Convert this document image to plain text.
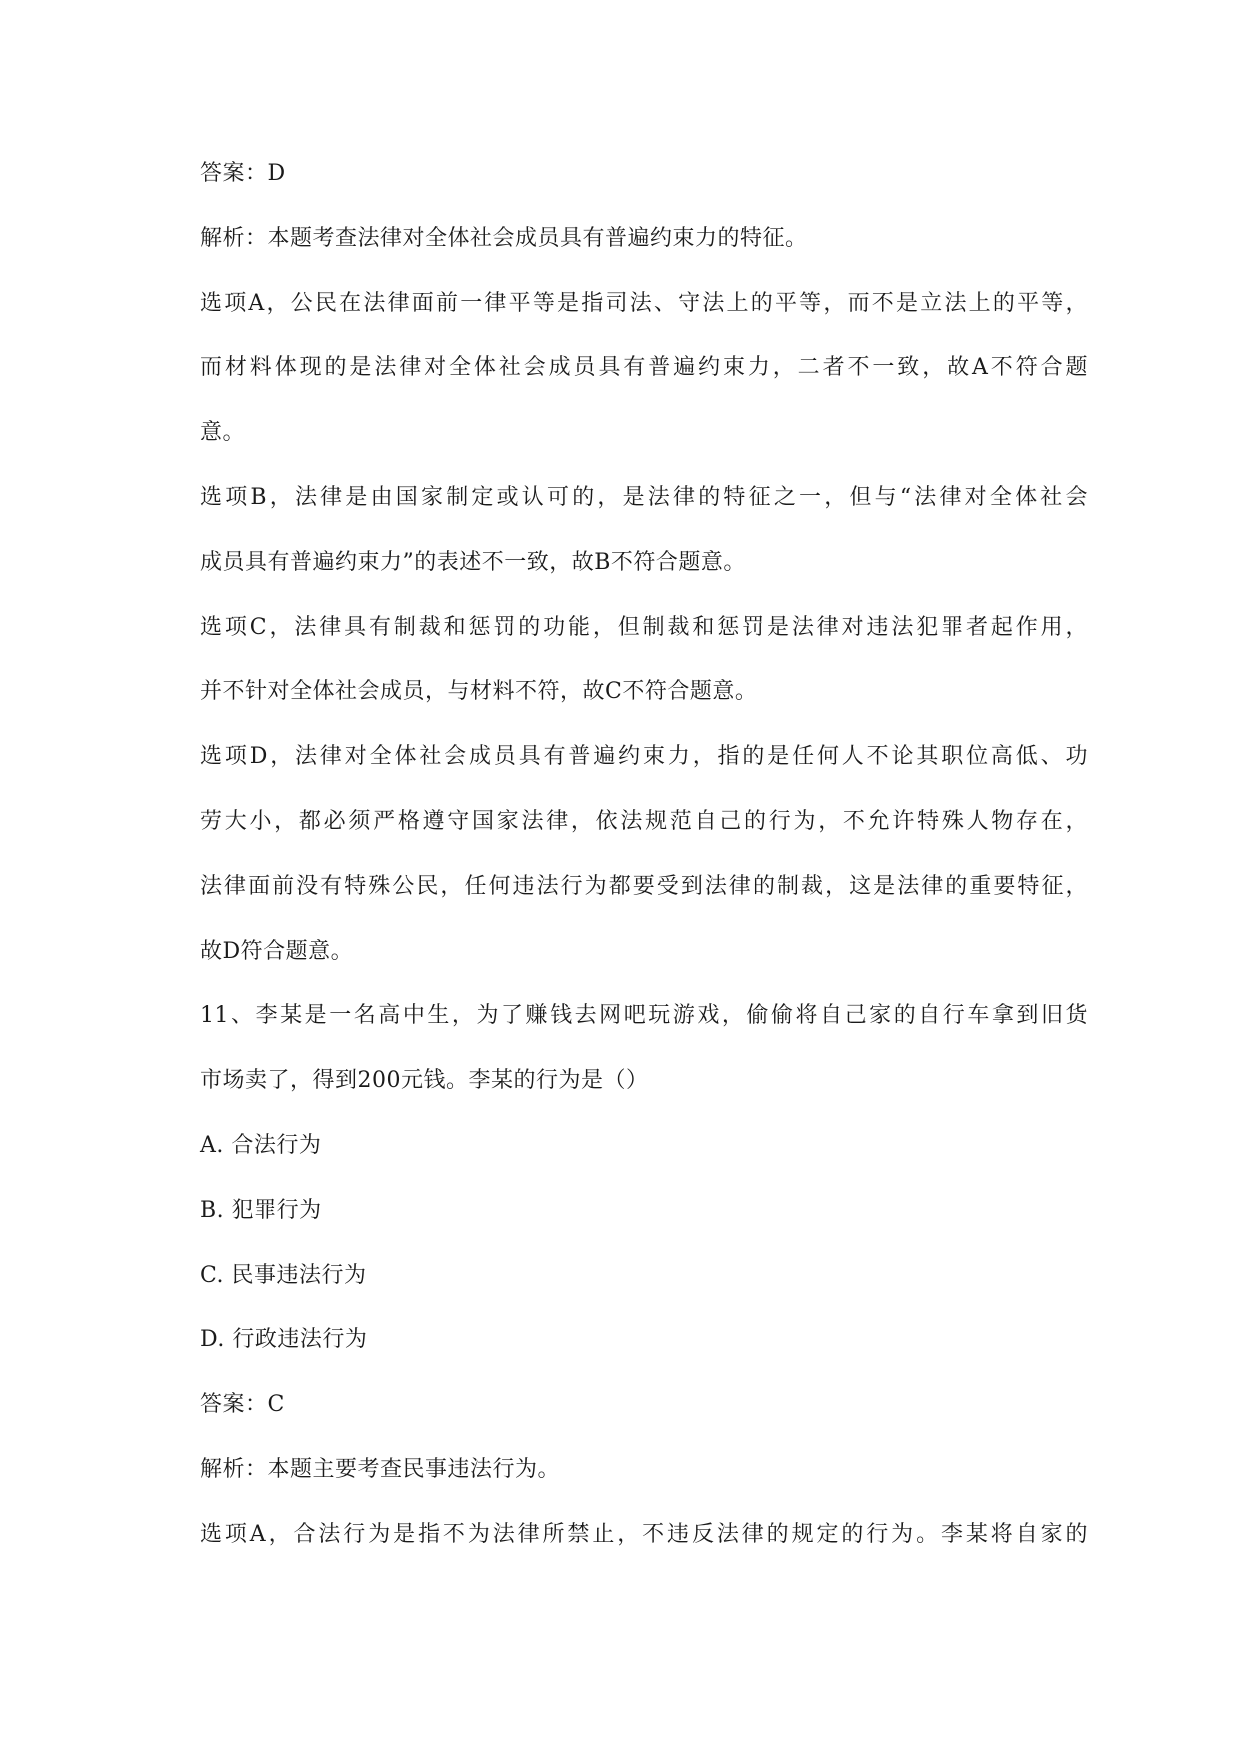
答案：D
解析：本题考查法律对全体社会成员具有普遍约束力的特征。
选项A，公民在法律面前一律平等是指司法、守法上的平等，而不是立法上的平等，
而材料体现的是法律对全体社会成员具有普遍约束力，二者不一致，故A不符合题
意。
选项B，法律是由国家制定或认可的，是法律的特征之一，但与“法律对全体社会
成员具有普遍约束力”的表述不一致，故B不符合题意。
选项C，法律具有制裁和惩罚的功能，但制裁和惩罚是法律对违法犯罪者起作用，
并不针对全体社会成员，与材料不符，故C不符合题意。
选项D，法律对全体社会成员具有普遍约束力，指的是任何人不论其职位高低、功
劳大小，都必须严格遵守国家法律，依法规范自己的行为，不允许特殊人物存在，
法律面前没有特殊公民，任何违法行为都要受到法律的制裁，这是法律的重要特征，
故D符合题意。
11、李某是一名高中生，为了赚钱去网吧玩游戏，偷偷将自己家的自行车拿到旧货
市场卖了，得到200元钱。李某的行为是（）
A. 合法行为
B. 犯罪行为
C. 民事违法行为
D. 行政违法行为
答案：C
解析：本题主要考查民事违法行为。
选项A，合法行为是指不为法律所禁止，不违反法律的规定的行为。李某将自家的
